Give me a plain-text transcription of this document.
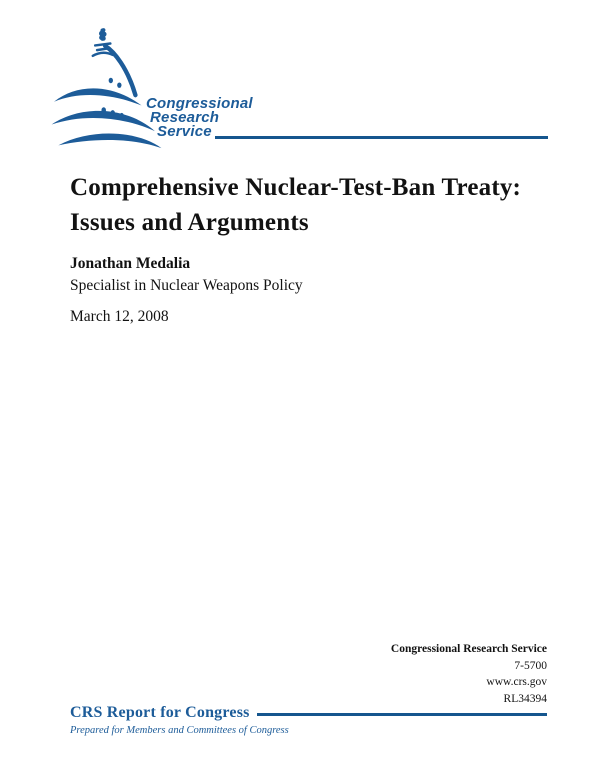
Congressional
Research
Service
Comprehensive Nuclear-Test-Ban Treaty:
Issues and Arguments
Jonathan Medalia
Specialist in Nuclear Weapons Policy
March 12, 2008
Congressional Research Service
7-5700
www.crs.gov
RL34394
CRS Report for Congress
Prepared for Members and Committees of Congress
